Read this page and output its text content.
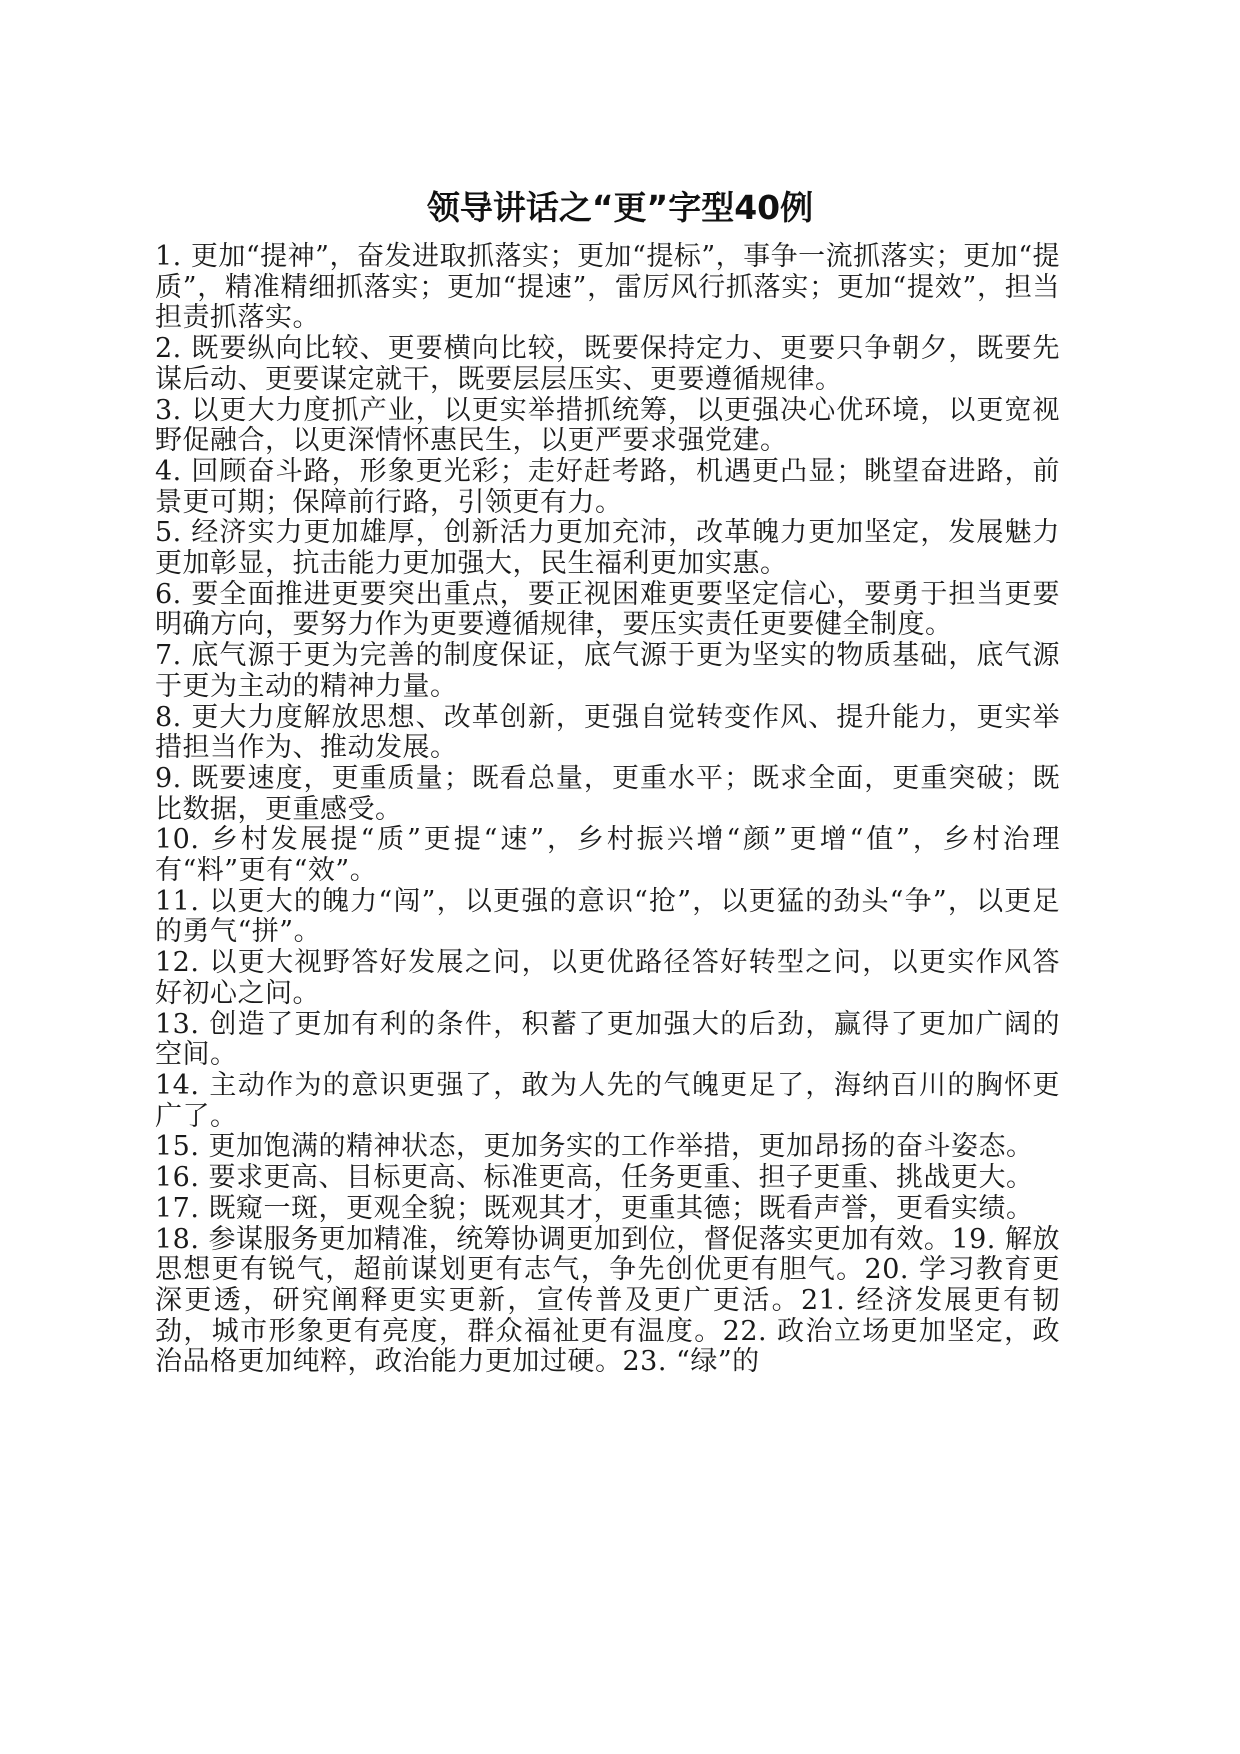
领导讲话之“更”字型40例

1. 更加“提神”，奋发进取抓落实；更加“提标”，事争一流抓落实；更加“提质”，精准精细抓落实；更加“提速”，雷厉风行抓落实；更加“提效”，担当担责抓落实。

2. 既要纵向比较、更要横向比较，既要保持定力、更要只争朝夕，既要先谋后动、更要谋定就干，既要层层压实、更要遵循规律。

3. 以更大力度抓产业，以更实举措抓统筹，以更强决心优环境，以更宽视野促融合，以更深情怀惠民生，以更严要求强党建。

4. 回顾奋斗路，形象更光彩；走好赶考路，机遇更凸显；眺望奋进路，前景更可期；保障前行路，引领更有力。

5. 经济实力更加雄厚，创新活力更加充沛，改革魄力更加坚定，发展魅力更加彰显，抗击能力更加强大，民生福利更加实惠。

6. 要全面推进更要突出重点，要正视困难更要坚定信心，要勇于担当更要明确方向，要努力作为更要遵循规律，要压实责任更要健全制度。

7. 底气源于更为完善的制度保证，底气源于更为坚实的物质基础，底气源于更为主动的精神力量。

8. 更大力度解放思想、改革创新，更强自觉转变作风、提升能力，更实举措担当作为、推动发展。

9. 既要速度，更重质量；既看总量，更重水平；既求全面，更重突破；既比数据，更重感受。

10. 乡村发展提“质”更提“速”，乡村振兴增“颜”更增“值”，乡村治理有“料”更有“效”。

11. 以更大的魄力“闯”，以更强的意识“抢”，以更猛的劲头“争”，以更足的勇气“拼”。

12. 以更大视野答好发展之问，以更优路径答好转型之问，以更实作风答好初心之问。

13. 创造了更加有利的条件，积蓄了更加强大的后劲，赢得了更加广阔的空间。

14. 主动作为的意识更强了，敢为人先的气魄更足了，海纳百川的胸怀更广了。

15. 更加饱满的精神状态，更加务实的工作举措，更加昂扬的奋斗姿态。

16. 要求更高、目标更高、标准更高，任务更重、担子更重、挑战更大。

17. 既窥一斑，更观全貌；既观其才，更重其德；既看声誉，更看实绩。

18. 参谋服务更加精准，统筹协调更加到位，督促落实更加有效。19. 解放思想更有锐气，超前谋划更有志气，争先创优更有胆气。20. 学习教育更深更透，研究阐释更实更新，宣传普及更广更活。21. 经济发展更有韧劲，城市形象更有亮度，群众福祉更有温度。22. 政治立场更加坚定，政治品格更加纯粹，政治能力更加过硬。23. “绿”的
